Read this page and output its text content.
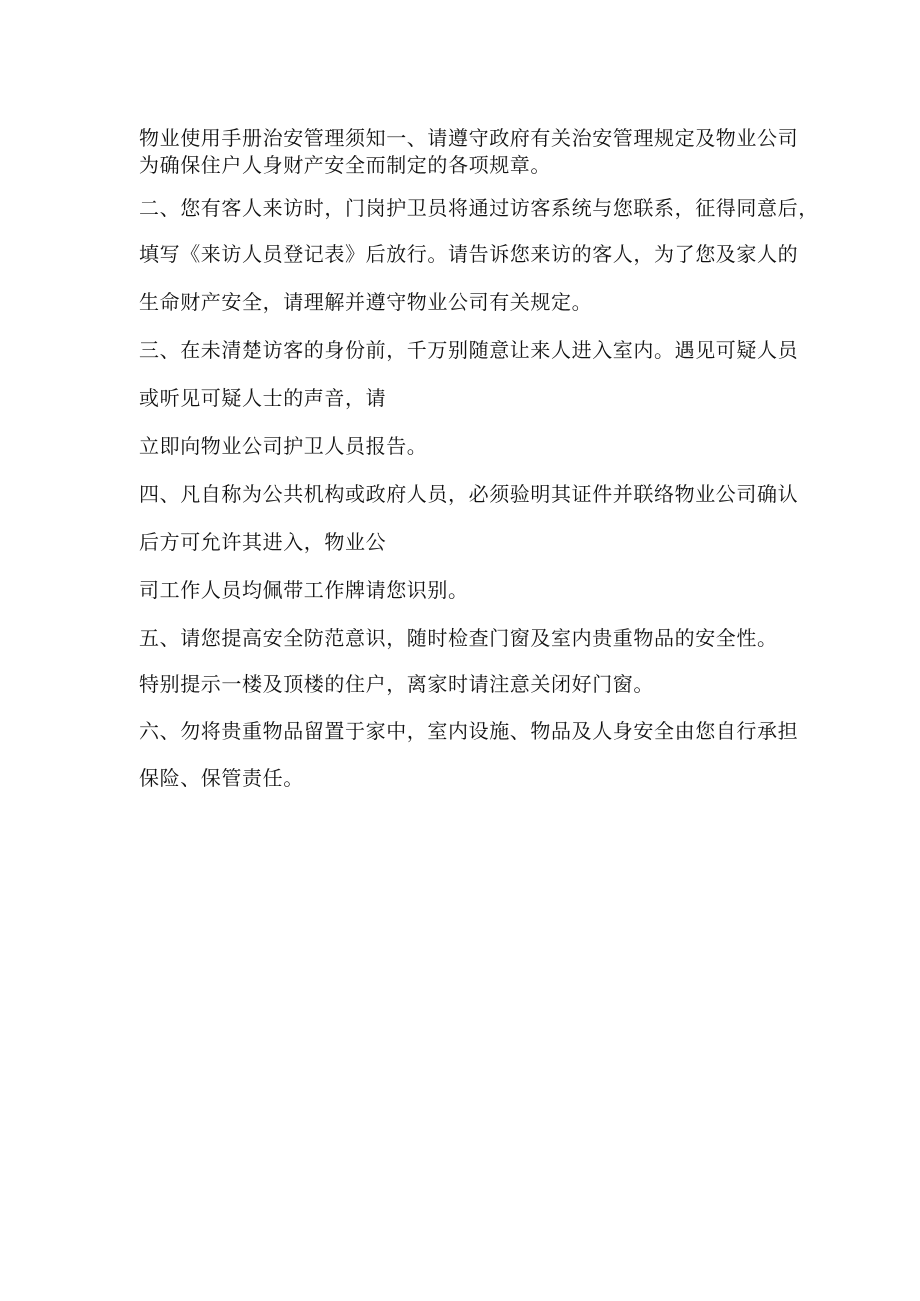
物业使用手册治安管理须知一、请遵守政府有关治安管理规定及物业公司
为确保住户人身财产安全而制定的各项规章。
二、您有客人来访时，门岗护卫员将通过访客系统与您联系，征得同意后，
填写《来访人员登记表》后放行。请告诉您来访的客人，为了您及家人的
生命财产安全，请理解并遵守物业公司有关规定。
三、在未清楚访客的身份前，千万别随意让来人进入室内。遇见可疑人员
或听见可疑人士的声音，请
立即向物业公司护卫人员报告。
四、凡自称为公共机构或政府人员，必须验明其证件并联络物业公司确认
后方可允许其进入，物业公
司工作人员均佩带工作牌请您识别。
五、请您提高安全防范意识，随时检查门窗及室内贵重物品的安全性。
特别提示一楼及顶楼的住户，离家时请注意关闭好门窗。
六、勿将贵重物品留置于家中，室内设施、物品及人身安全由您自行承担
保险、保管责任。
